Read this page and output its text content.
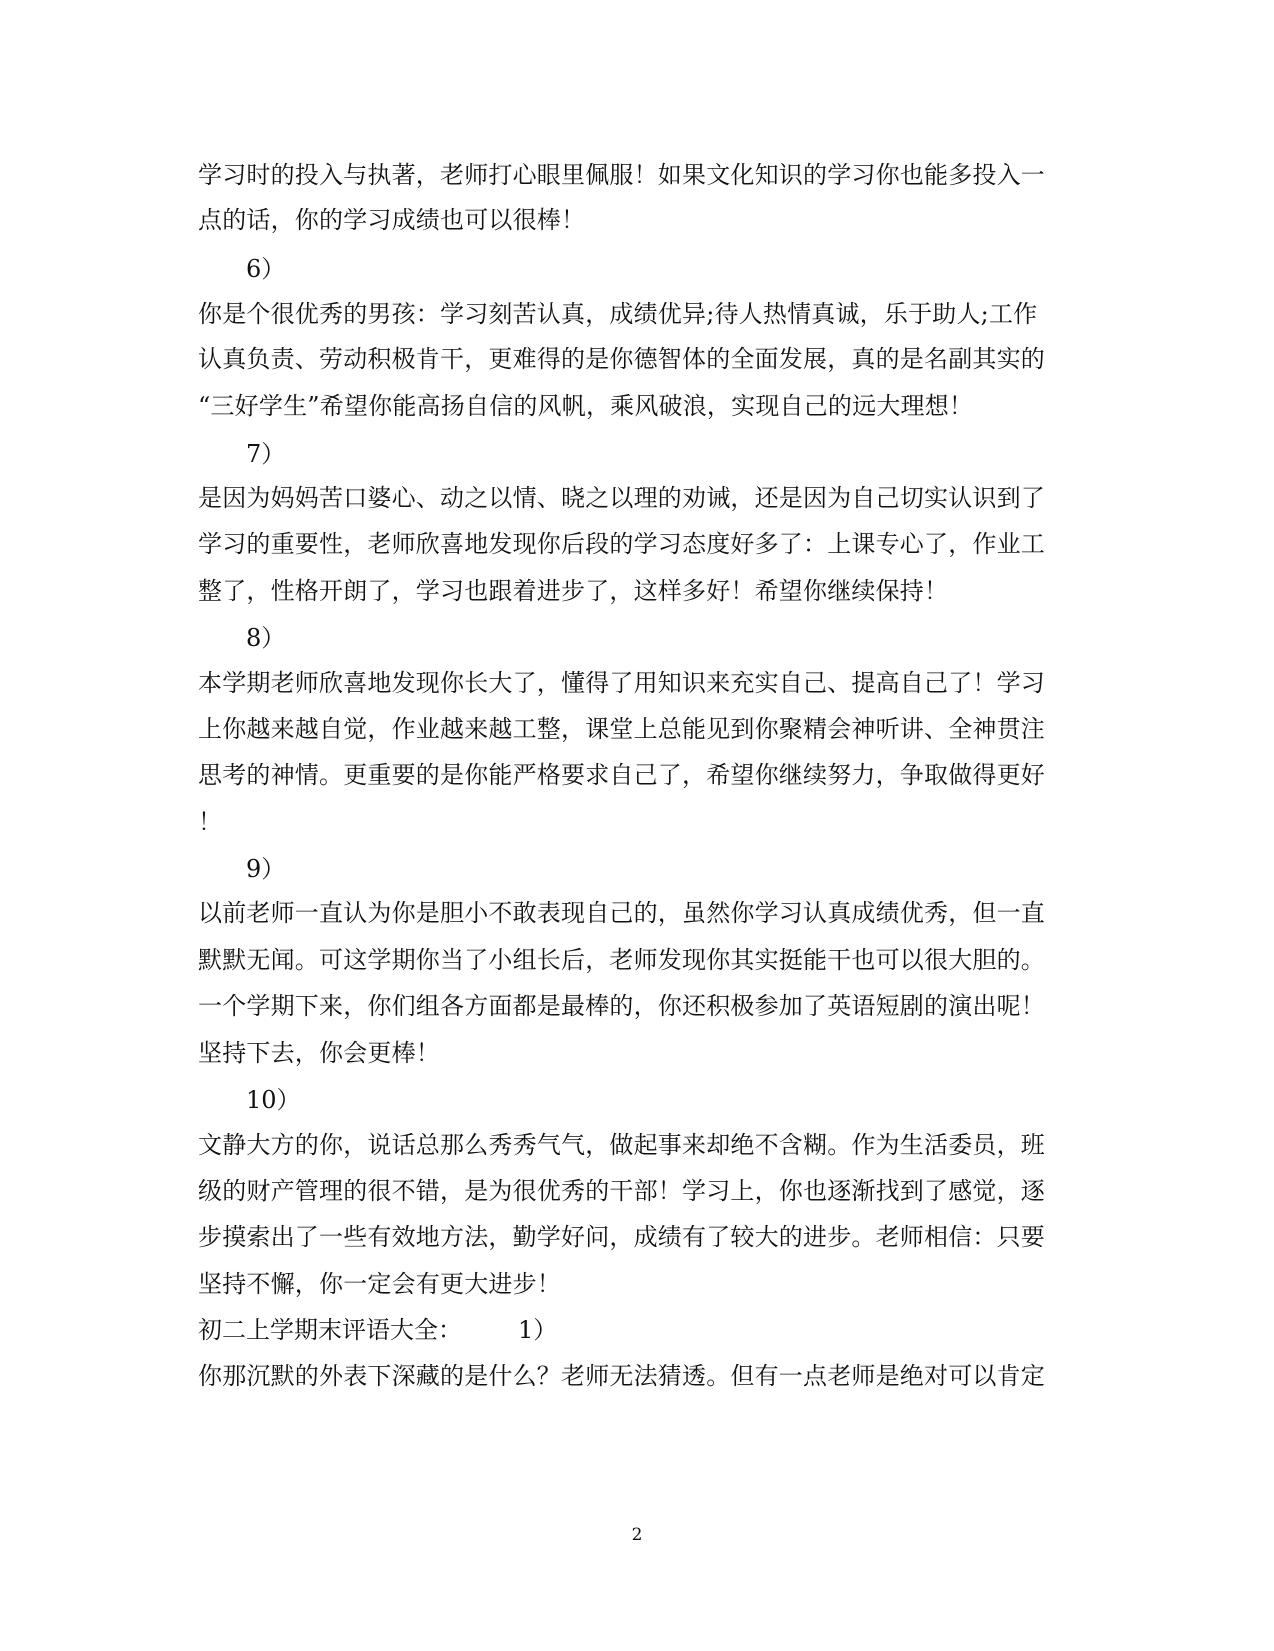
学习时的投入与执著，老师打心眼里佩服！如果文化知识的学习你也能多投入一
点的话，你的学习成绩也可以很棒！
6）
你是个很优秀的男孩：学习刻苦认真，成绩优异;待人热情真诚，乐于助人;工作
认真负责、劳动积极肯干，更难得的是你德智体的全面发展，真的是名副其实的
“三好学生”希望你能高扬自信的风帆，乘风破浪，实现自己的远大理想！
7）
是因为妈妈苦口婆心、动之以情、晓之以理的劝诫，还是因为自己切实认识到了
学习的重要性，老师欣喜地发现你后段的学习态度好多了：上课专心了，作业工
整了，性格开朗了，学习也跟着进步了，这样多好！希望你继续保持！
8）
本学期老师欣喜地发现你长大了，懂得了用知识来充实自己、提高自己了！学习
上你越来越自觉，作业越来越工整，课堂上总能见到你聚精会神听讲、全神贯注
思考的神情。更重要的是你能严格要求自己了，希望你继续努力，争取做得更好
！
9）
以前老师一直认为你是胆小不敢表现自己的，虽然你学习认真成绩优秀，但一直
默默无闻。可这学期你当了小组长后，老师发现你其实挺能干也可以很大胆的。
一个学期下来，你们组各方面都是最棒的，你还积极参加了英语短剧的演出呢！
坚持下去，你会更棒！
10）
文静大方的你，说话总那么秀秀气气，做起事来却绝不含糊。作为生活委员，班
级的财产管理的很不错，是为很优秀的干部！学习上，你也逐渐找到了感觉，逐
步摸索出了一些有效地方法，勤学好问，成绩有了较大的进步。老师相信：只要
坚持不懈，你一定会有更大进步！
初二上学期末评语大全： 1）
你那沉默的外表下深藏的是什么？老师无法猜透。但有一点老师是绝对可以肯定
2
